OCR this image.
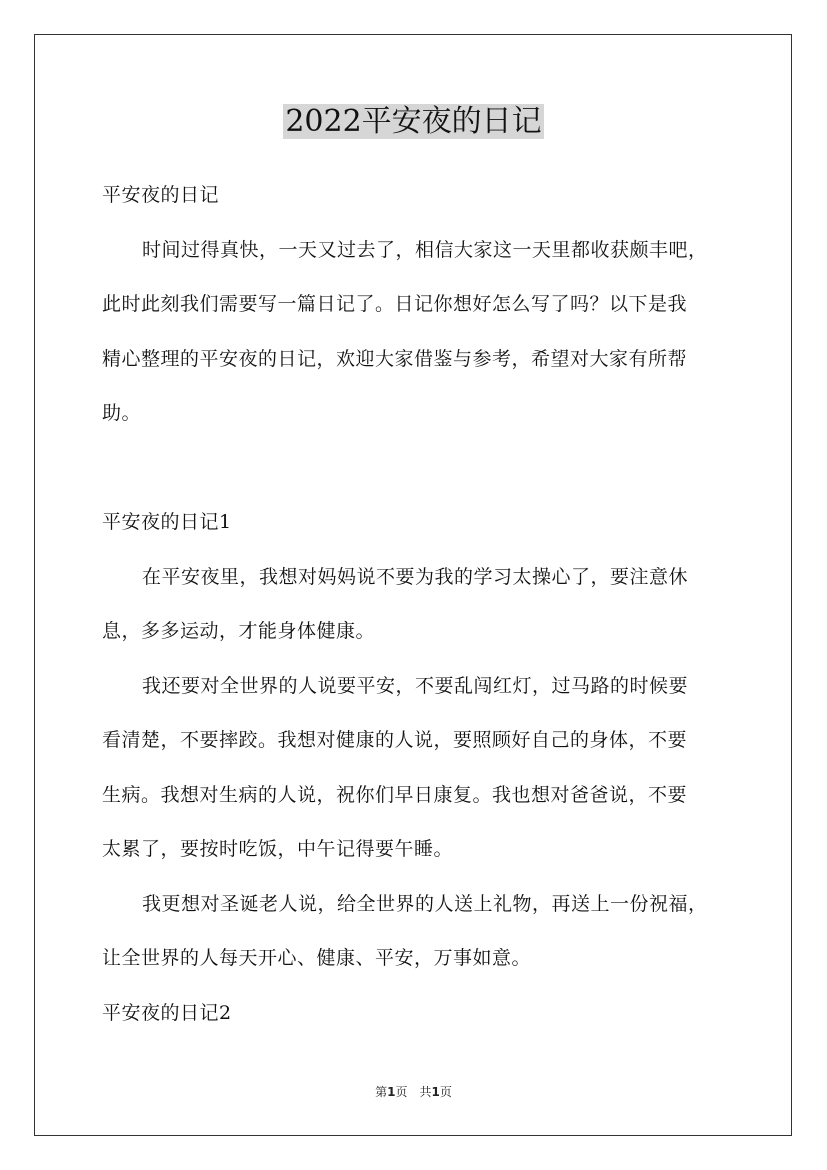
2022平安夜的日记
平安夜的日记
时间过得真快，一天又过去了，相信大家这一天里都收获颇丰吧，
此时此刻我们需要写一篇日记了。日记你想好怎么写了吗？以下是我
精心整理的平安夜的日记，欢迎大家借鉴与参考，希望对大家有所帮
助。
平安夜的日记1
在平安夜里，我想对妈妈说不要为我的学习太操心了，要注意休
息，多多运动，才能身体健康。
我还要对全世界的人说要平安，不要乱闯红灯，过马路的时候要
看清楚，不要摔跤。我想对健康的人说，要照顾好自己的身体，不要
生病。我想对生病的人说，祝你们早日康复。我也想对爸爸说，不要
太累了，要按时吃饭，中午记得要午睡。
我更想对圣诞老人说，给全世界的人送上礼物，再送上一份祝福，
让全世界的人每天开心、健康、平安，万事如意。
平安夜的日记2
第1页　共1页
